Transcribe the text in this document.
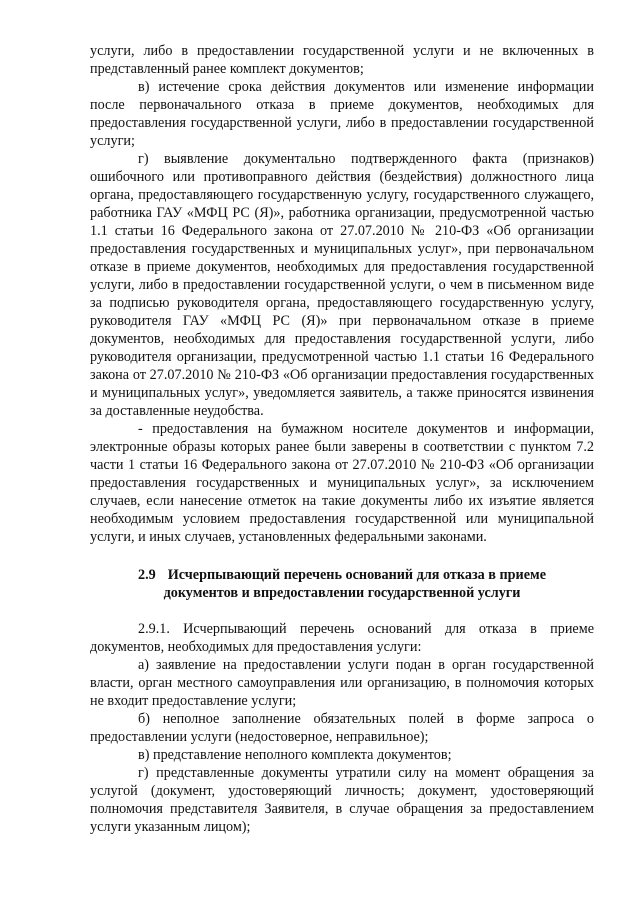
услуги, либо в предоставлении государственной услуги и не включенных в представленный ранее комплект документов;

в) истечение срока действия документов или изменение информации после первоначального отказа в приеме документов, необходимых для предоставления государственной услуги, либо в предоставлении государственной услуги;

г) выявление документально подтвержденного факта (признаков) ошибочного или противоправного действия (бездействия) должностного лица органа, предоставляющего государственную услугу, государственного служащего, работника ГАУ «МФЦ РС (Я)», работника организации, предусмотренной частью 1.1 статьи 16 Федерального закона от 27.07.2010 № 210-ФЗ «Об организации предоставления государственных и муниципальных услуг», при первоначальном отказе в приеме документов, необходимых для предоставления государственной услуги, либо в предоставлении государственной услуги, о чем в письменном виде за подписью руководителя органа, предоставляющего государственную услугу, руководителя ГАУ «МФЦ РС (Я)» при первоначальном отказе в приеме документов, необходимых для предоставления государственной услуги, либо руководителя организации, предусмотренной частью 1.1 статьи 16 Федерального закона от 27.07.2010 № 210-ФЗ «Об организации предоставления государственных и муниципальных услуг», уведомляется заявитель, а также приносятся извинения за доставленные неудобства.

- предоставления на бумажном носителе документов и информации, электронные образы которых ранее были заверены в соответствии с пунктом 7.2 части 1 статьи 16 Федерального закона от 27.07.2010 № 210-ФЗ «Об организации предоставления государственных и муниципальных услуг», за исключением случаев, если нанесение отметок на такие документы либо их изъятие является необходимым условием предоставления государственной или муниципальной услуги, и иных случаев, установленных федеральными законами.

2.9 Исчерпывающий перечень оснований для отказа в приеме
документов и впредоставлении государственной услуги

2.9.1. Исчерпывающий перечень оснований для отказа в приеме документов, необходимых для предоставления услуги:

а) заявление на предоставлении услуги подан в орган государственной власти, орган местного самоуправления или организацию, в полномочия которых не входит предоставление услуги;

б) неполное заполнение обязательных полей в форме запроса о предоставлении услуги (недостоверное, неправильное);

в) представление неполного комплекта документов;

г) представленные документы утратили силу на момент обращения за услугой (документ, удостоверяющий личность; документ, удостоверяющий полномочия представителя Заявителя, в случае обращения за предоставлением услуги указанным лицом);
